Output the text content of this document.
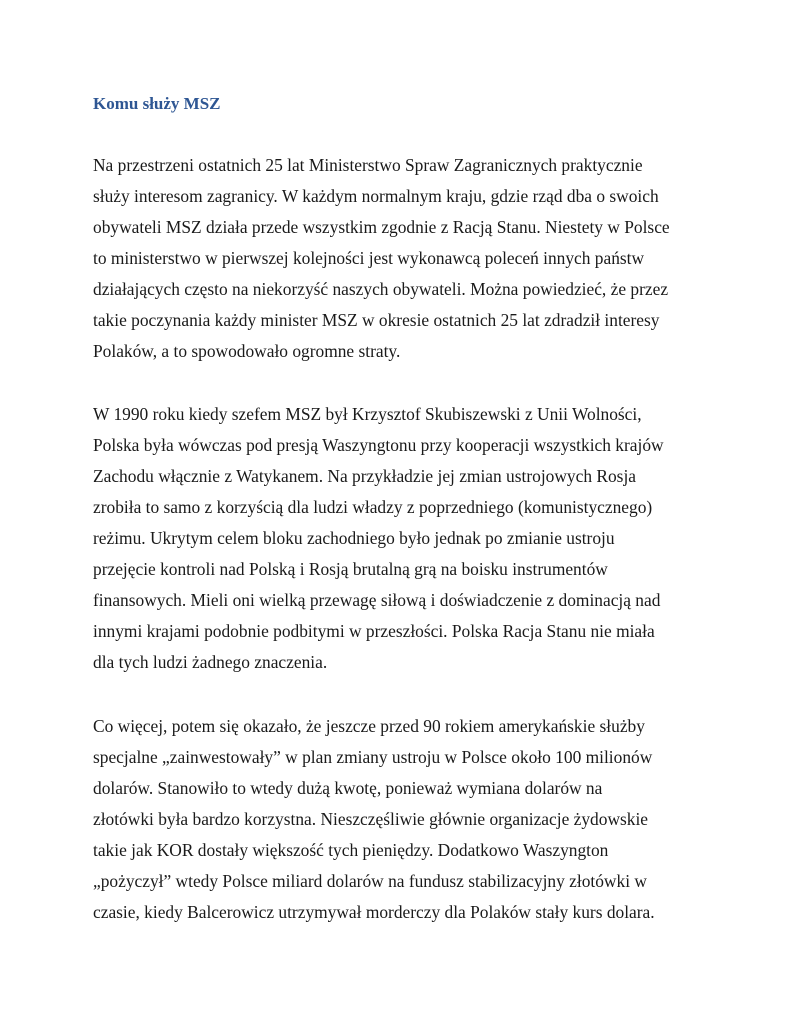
Komu służy MSZ
Na przestrzeni ostatnich 25 lat Ministerstwo Spraw Zagranicznych praktycznie
służy interesom zagranicy. W każdym normalnym kraju, gdzie rząd dba o swoich
obywateli MSZ działa przede wszystkim zgodnie z Racją Stanu. Niestety w Polsce
to ministerstwo w pierwszej kolejności jest wykonawcą poleceń innych państw
działających często na niekorzyść naszych obywateli. Można powiedzieć, że przez
takie poczynania każdy minister MSZ w okresie ostatnich 25 lat zdradził interesy
Polaków, a to spowodowało ogromne straty.
W 1990 roku kiedy szefem MSZ był Krzysztof Skubiszewski z Unii Wolności,
Polska była wówczas pod presją Waszyngtonu przy kooperacji wszystkich krajów
Zachodu włącznie z Watykanem. Na przykładzie jej zmian ustrojowych Rosja
zrobiła to samo z korzyścią dla ludzi władzy z poprzedniego (komunistycznego)
reżimu. Ukrytym celem bloku zachodniego było jednak po zmianie ustroju
przejęcie kontroli nad Polską i Rosją brutalną grą na boisku instrumentów
finansowych. Mieli oni wielką przewagę siłową i doświadczenie z dominacją nad
innymi krajami podobnie podbitymi w przeszłości. Polska Racja Stanu nie miała
dla tych ludzi żadnego znaczenia.
Co więcej, potem się okazało, że jeszcze przed 90 rokiem amerykańskie służby
specjalne „zainwestowały” w plan zmiany ustroju w Polsce około 100 milionów
dolarów. Stanowiło to wtedy dużą kwotę, ponieważ wymiana dolarów na
złotówki była bardzo korzystna. Nieszczęśliwie głównie organizacje żydowskie
takie jak KOR dostały większość tych pieniędzy. Dodatkowo Waszyngton
„pożyczył” wtedy Polsce miliard dolarów na fundusz stabilizacyjny złotówki w
czasie, kiedy Balcerowicz utrzymywał morderczy dla Polaków stały kurs dolara.
